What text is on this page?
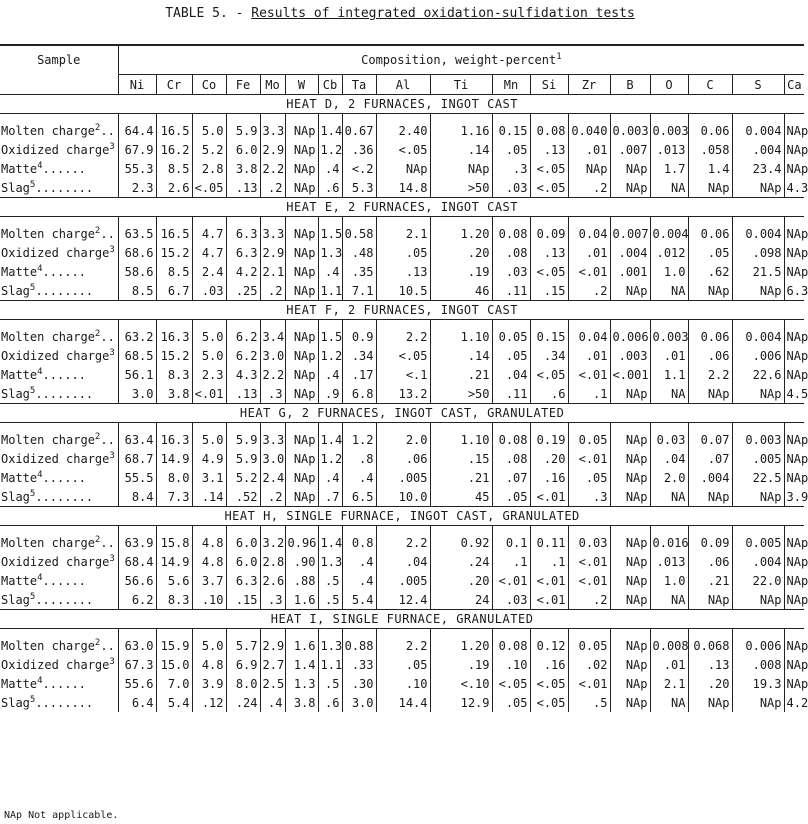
TABLE 5. - Results of integrated oxidation-sulfidation tests
Sample	Composition, weight-percent$^1$
	Ni	Cr	Co	Fe	Mo	W	Cb	Ta	Al	Ti	Mn	Si	Zr	B	O	C	S	Ca
HEAT D, 2 FURNACES, INGOT CAST																		

Molten charge$^2$..	64.4	16.5	5.0	5.9	3.3	NAp	1.4	0.67	2.40	1.16	0.15	0.08	0.040	0.003	0.003	0.06	0.004	NAp
Oxidized charge$^3$	67.9	16.2	5.2	6.0	2.9	NAp	1.2	.36	<.05	.14	.05	.13	.01	.007	.013	.058	.004	NAp
Matte$^4$......	55.3	8.5	2.8	3.8	2.2	NAp	.4	<.2	NAp	NAp	.3	<.05	NAp	NAp	1.7	1.4	23.4	NAp
Slag$^5$........	2.3	2.6	<.05	.13	.2	NAp	.6	5.3	14.8	>50	.03	<.05	.2	NAp	NA	NAp	NAp	4.3
HEAT E, 2 FURNACES, INGOT CAST																		

Molten charge$^2$..	63.5	16.5	4.7	6.3	3.3	NAp	1.5	0.58	2.1	1.20	0.08	0.09	0.04	0.007	0.004	0.06	0.004	NAp
Oxidized charge$^3$	68.6	15.2	4.7	6.3	2.9	NAp	1.3	.48	.05	.20	.08	.13	.01	.004	.012	.05	.098	NAp
Matte$^4$......	58.6	8.5	2.4	4.2	2.1	NAp	.4	.35	.13	.19	.03	<.05	<.01	.001	1.0	.62	21.5	NAp
Slag$^5$........	8.5	6.7	.03	.25	.2	NAp	1.1	7.1	10.5	46	.11	.15	.2	NAp	NA	NAp	NAp	6.3
HEAT F, 2 FURNACES, INGOT CAST																		

Molten charge$^2$..	63.2	16.3	5.0	6.2	3.4	NAp	1.5	0.9	2.2	1.10	0.05	0.15	0.04	0.006	0.003	0.06	0.004	NAp
Oxidized charge$^3$	68.5	15.2	5.0	6.2	3.0	NAp	1.2	.34	<.05	.14	.05	.34	.01	.003	.01	.06	.006	NAp
Matte$^4$......	56.1	8.3	2.3	4.3	2.2	NAp	.4	.17	<.1	.21	.04	<.05	<.01	<.001	1.1	2.2	22.6	NAp
Slag$^5$........	3.0	3.8	<.01	.13	.3	NAp	.9	6.8	13.2	>50	.11	.6	.1	NAp	NA	NAp	NAp	4.5
HEAT G, 2 FURNACES, INGOT CAST, GRANULATED																		

Molten charge$^2$..	63.4	16.3	5.0	5.9	3.3	NAp	1.4	1.2	2.0	1.10	0.08	0.19	0.05	NAp	0.03	0.07	0.003	NAp
Oxidized charge$^3$	68.7	14.9	4.9	5.9	3.0	NAp	1.2	.8	.06	.15	.08	.20	<.01	NAp	.04	.07	.005	NAp
Matte$^4$......	55.5	8.0	3.1	5.2	2.4	NAp	.4	.4	.005	.21	.07	.16	.05	NAp	2.0	.004	22.5	NAp
Slag$^5$........	8.4	7.3	.14	.52	.2	NAp	.7	6.5	10.0	45	.05	<.01	.3	NAp	NA	NAp	NAp	3.9
HEAT H, SINGLE FURNACE, INGOT CAST, GRANULATED																		

Molten charge$^2$..	63.9	15.8	4.8	6.0	3.2	0.96	1.4	0.8	2.2	0.92	0.1	0.11	0.03	NAp	0.016	0.09	0.005	NAp
Oxidized charge$^3$	68.4	14.9	4.8	6.0	2.8	.90	1.3	.4	.04	.24	.1	.1	<.01	NAp	.013	.06	.004	NAp
Matte$^4$......	56.6	5.6	3.7	6.3	2.6	.88	.5	.4	.005	.20	<.01	<.01	<.01	NAp	1.0	.21	22.0	NAp
Slag$^5$........	6.2	8.3	.10	.15	.3	1.6	.5	5.4	12.4	24	.03	<.01	.2	NAp	NA	NAp	NAp	NAp
HEAT I, SINGLE FURNACE, GRANULATED																		

Molten charge$^2$..	63.0	15.9	5.0	5.7	2.9	1.6	1.3	0.88	2.2	1.20	0.08	0.12	0.05	NAp	0.008	0.068	0.006	NAp
Oxidized charge$^3$	67.3	15.0	4.8	6.9	2.7	1.4	1.1	.33	.05	.19	.10	.16	.02	NAp	.01	.13	.008	NAp
Matte$^4$......	55.6	7.0	3.9	8.0	2.5	1.3	.5	.30	.10	<.10	<.05	<.05	<.01	NAp	2.1	.20	19.3	NAp
Slag$^5$........	6.4	5.4	.12	.24	.4	3.8	.6	3.0	14.4	12.9	.05	<.05	.5	NAp	NA	NAp	NAp	4.2
NAp Not applicable.
